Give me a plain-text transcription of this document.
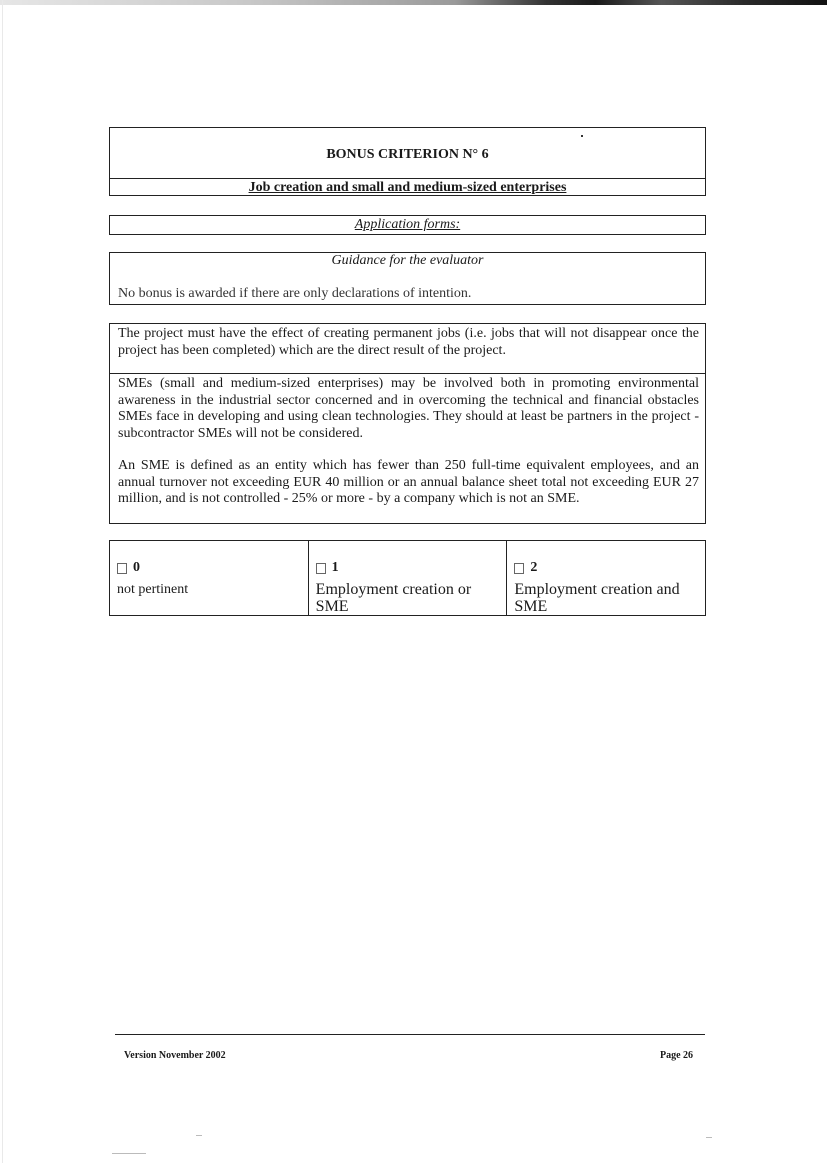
BONUS CRITERION N° 6
Job creation and small and medium-sized enterprises
Application forms:
Guidance for the evaluator
No bonus is awarded if there are only declarations of intention.

The project must have the effect of creating permanent jobs (i.e. jobs that will not disappear once the project has been completed) which are the direct result of the project.

SMEs (small and medium-sized enterprises) may be involved both in promoting environmental awareness in the industrial sector concerned and in overcoming the technical and financial obstacles SMEs face in developing and using clean technologies. They should at least be partners in the project - subcontractor SMEs will not be considered.

An SME is defined as an entity which has fewer than 250 full-time equivalent employees, and an annual turnover not exceeding EUR 40 million or an annual balance sheet total not exceeding EUR 27 million, and is not controlled - 25% or more - by a company which is not an SME.

0
not pertinent
1
Employment creation or SME
2
Employment creation and SME
Version November 2002	Page 26
